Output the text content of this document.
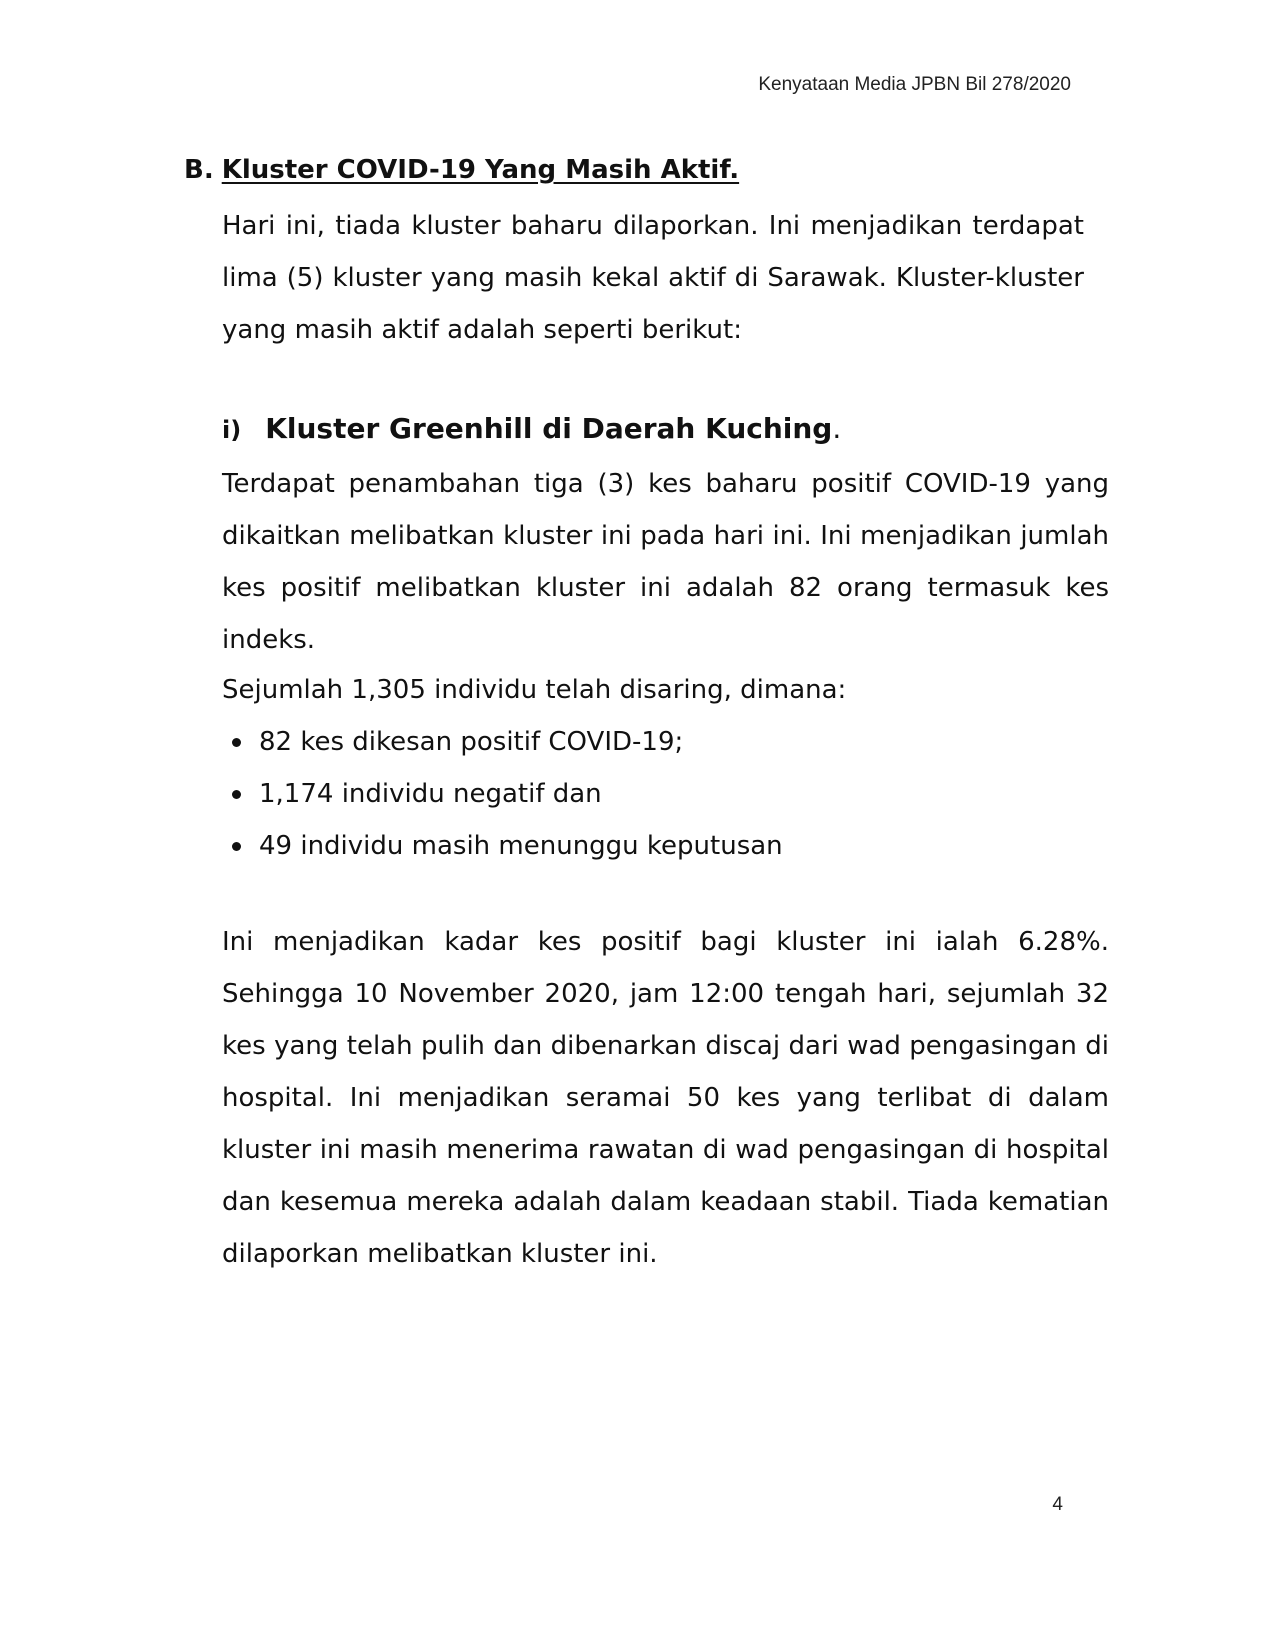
Kenyataan Media JPBN Bil 278/2020
B. Kluster COVID-19 Yang Masih Aktif.
Hari ini, tiada kluster baharu dilaporkan. Ini menjadikan terdapat lima (5) kluster yang masih kekal aktif di Sarawak. Kluster-kluster yang masih aktif adalah seperti berikut:
i) Kluster Greenhill di Daerah Kuching.
Terdapat penambahan tiga (3) kes baharu positif COVID-19 yang dikaitkan melibatkan kluster ini pada hari ini. Ini menjadikan jumlah kes positif melibatkan kluster ini adalah 82 orang termasuk kes indeks.
Sejumlah 1,305 individu telah disaring, dimana:
82 kes dikesan positif COVID-19;
1,174 individu negatif dan
49 individu masih menunggu keputusan
Ini menjadikan kadar kes positif bagi kluster ini ialah 6.28%. Sehingga 10 November 2020, jam 12:00 tengah hari, sejumlah 32 kes yang telah pulih dan dibenarkan discaj dari wad pengasingan di hospital. Ini menjadikan seramai 50 kes yang terlibat di dalam kluster ini masih menerima rawatan di wad pengasingan di hospital dan kesemua mereka adalah dalam keadaan stabil. Tiada kematian dilaporkan melibatkan kluster ini.
4
